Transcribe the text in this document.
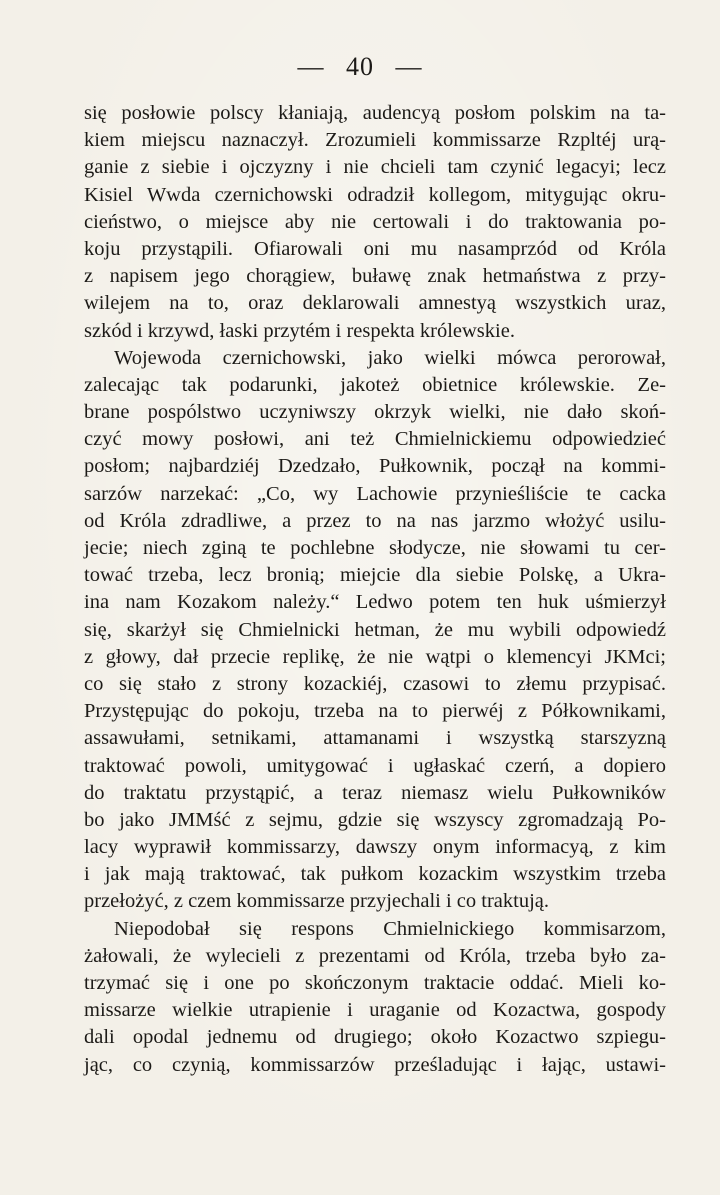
— 40 —
się posłowie polscy kłaniają, audencyą posłom polskim na ta-
kiem miejscu naznaczył. Zrozumieli kommissarze Rzpltéj urą-
ganie z siebie i ojczyzny i nie chcieli tam czynić legacyi; lecz
Kisiel Wwda czernichowski odradził kollegom, mitygując okru-
cieństwo, o miejsce aby nie certowali i do traktowania po-
koju przystąpili. Ofiarowali oni mu nasamprzód od Króla
z napisem jego chorągiew, buławę znak hetmaństwa z przy-
wilejem na to, oraz deklarowali amnestyą wszystkich uraz,
szkód i krzywd, łaski przytém i respekta królewskie.
Wojewoda czernichowski, jako wielki mówca perorował,
zalecając tak podarunki, jakoteż obietnice królewskie. Ze-
brane pospólstwo uczyniwszy okrzyk wielki, nie dało skoń-
czyć mowy posłowi, ani też Chmielnickiemu odpowiedzieć
posłom; najbardziéj Dzedzało, Pułkownik, począł na kommi-
sarzów narzekać: „Co, wy Lachowie przynieśliście te cacka
od Króla zdradliwe, a przez to na nas jarzmo włożyć usilu-
jecie; niech zginą te pochlebne słodycze, nie słowami tu cer-
tować trzeba, lecz bronią; miejcie dla siebie Polskę, a Ukra-
ina nam Kozakom należy.“ Ledwo potem ten huk uśmierzył
się, skarżył się Chmielnicki hetman, że mu wybili odpowiedź
z głowy, dał przecie replikę, że nie wątpi o klemencyi JKMci;
co się stało z strony kozackiéj, czasowi to złemu przypisać.
Przystępując do pokoju, trzeba na to pierwéj z Półkownikami,
assawułami, setnikami, attamanami i wszystką starszyzną
traktować powoli, umitygować i ugłaskać czerń, a dopiero
do traktatu przystąpić, a teraz niemasz wielu Pułkowników
bo jako JMMść z sejmu, gdzie się wszyscy zgromadzają Po-
lacy wyprawił kommissarzy, dawszy onym informacyą, z kim
i jak mają traktować, tak pułkom kozackim wszystkim trzeba
przełożyć, z czem kommissarze przyjechali i co traktują.
Niepodobał się respons Chmielnickiego kommisarzom,
żałowali, że wylecieli z prezentami od Króla, trzeba było za-
trzymać się i one po skończonym traktacie oddać. Mieli ko-
missarze wielkie utrapienie i uraganie od Kozactwa, gospody
dali opodal jednemu od drugiego; około Kozactwo szpiegu-
jąc, co czynią, kommissarzów prześladując i łając, ustawi-
